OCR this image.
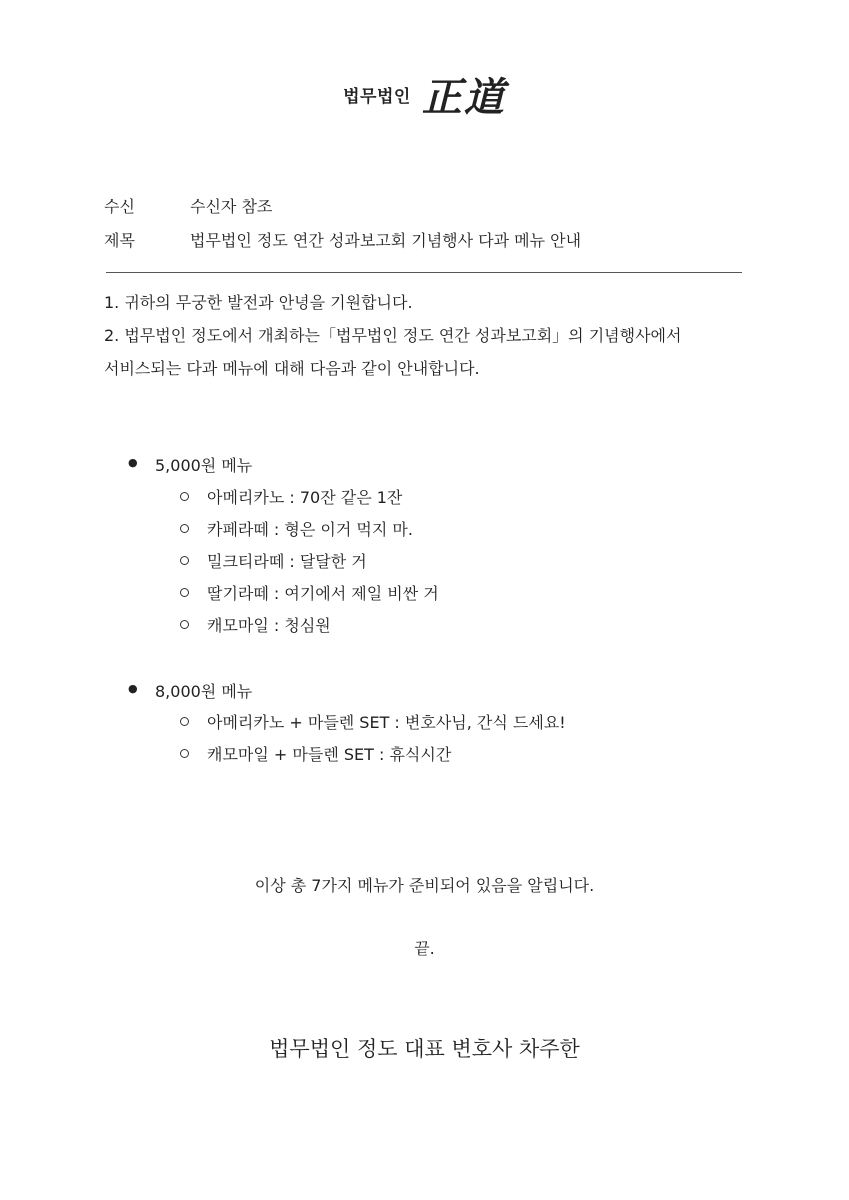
법무법인 正道
수신	수신자 참조
제목	법무법인 정도 연간 성과보고회 기념행사 다과 메뉴 안내
1. 귀하의 무궁한 발전과 안녕을 기원합니다.
2. 법무법인 정도에서 개최하는「법무법인 정도 연간 성과보고회」의 기념행사에서
서비스되는 다과 메뉴에 대해 다음과 같이 안내합니다.
● 5,000원 메뉴
아메리카노 : 70잔 같은 1잔
카페라떼 : 형은 이거 먹지 마.
밀크티라떼 : 달달한 거
딸기라떼 : 여기에서 제일 비싼 거
캐모마일 : 청심원
● 8,000원 메뉴
아메리카노 + 마들렌 SET : 변호사님, 간식 드세요!
캐모마일 + 마들렌 SET : 휴식시간
이상 총 7가지 메뉴가 준비되어 있음을 알립니다.
끝.
법무법인 정도 대표 변호사 차주한
